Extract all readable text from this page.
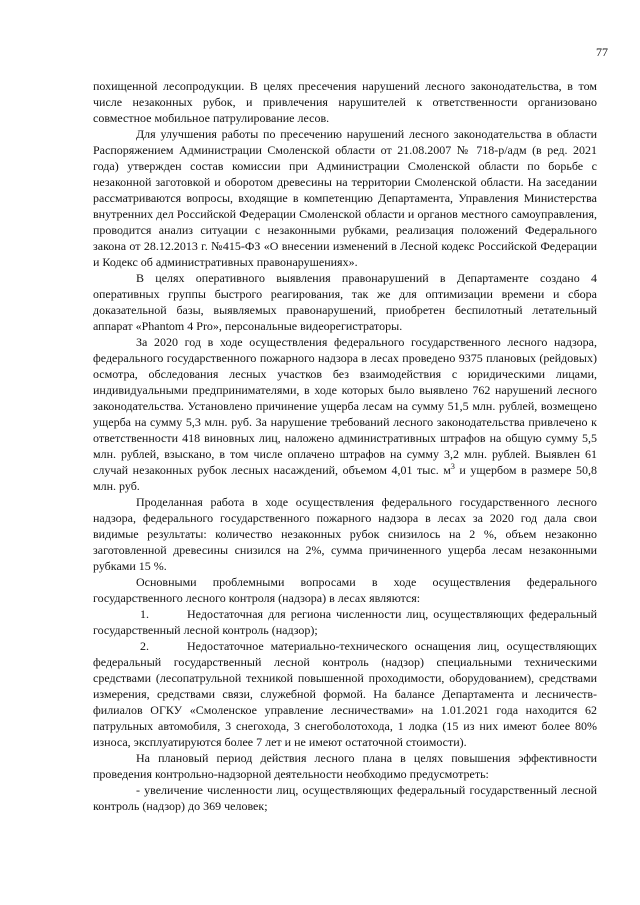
77

похищенной лесопродукции. В целях пресечения нарушений лесного законодательства, в том числе незаконных рубок, и привлечения нарушителей к ответственности организовано совместное мобильное патрулирование лесов.

Для улучшения работы по пресечению нарушений лесного законодательства в области Распоряжением Администрации Смоленской области от 21.08.2007 № 718-р/адм (в ред. 2021 года) утвержден состав комиссии при Администрации Смоленской области по борьбе с незаконной заготовкой и оборотом древесины на территории Смоленской области. На заседании рассматриваются вопросы, входящие в компетенцию Департамента, Управления Министерства внутренних дел Российской Федерации Смоленской области и органов местного самоуправления, проводится анализ ситуации с незаконными рубками, реализация положений Федерального закона от 28.12.2013 г. №415-ФЗ «О внесении изменений в Лесной кодекс Российской Федерации и Кодекс об административных правонарушениях».

В целях оперативного выявления правонарушений в Департаменте создано 4 оперативных группы быстрого реагирования, так же для оптимизации времени и сбора доказательной базы, выявляемых правонарушений, приобретен беспилотный летательный аппарат «Phantom 4 Pro», персональные видеорегистраторы.

За 2020 год в ходе осуществления федерального государственного лесного надзора, федерального государственного пожарного надзора в лесах проведено 9375 плановых (рейдовых) осмотра, обследования лесных участков без взаимодействия с юридическими лицами, индивидуальными предпринимателями, в ходе которых было выявлено 762 нарушений лесного законодательства. Установлено причинение ущерба лесам на сумму 51,5 млн. рублей, возмещено ущерба на сумму 5,3 млн. руб. За нарушение требований лесного законодательства привлечено к ответственности 418 виновных лиц, наложено административных штрафов на общую сумму 5,5 млн. рублей, взыскано, в том числе оплачено штрафов на сумму 3,2 млн. рублей. Выявлен 61 случай незаконных рубок лесных насаждений, объемом 4,01 тыс. $м^3$ и ущербом в размере 50,8 млн. руб.

Проделанная работа в ходе осуществления федерального государственного лесного надзора, федерального государственного пожарного надзора в лесах за 2020 год дала свои видимые результаты: количество незаконных рубок снизилось на 2 %, объем незаконно заготовленной древесины снизился на 2%, сумма причиненного ущерба лесам незаконными рубками 15 %.

Основными проблемными вопросами в ходе осуществления федерального государственного лесного контроля (надзора) в лесах являются:

1.	Недостаточная для региона численности лиц, осуществляющих федеральный государственный лесной контроль (надзор);

2.	Недостаточное материально-технического оснащения лиц, осуществляющих федеральный государственный лесной контроль (надзор) специальными техническими средствами (лесопатрульной техникой повышенной проходимости, оборудованием), средствами измерения, средствами связи, служебной формой. На балансе Департамента и лесничеств-филиалов ОГКУ «Смоленское управление лесничествами» на 1.01.2021 года находится 62 патрульных автомобиля, 3 снегохода, 3 снегоболотохода, 1 лодка (15 из них имеют более 80% износа, эксплуатируются более 7 лет и не имеют остаточной стоимости).

На плановый период действия лесного плана в целях повышения эффективности проведения контрольно-надзорной деятельности необходимо предусмотреть:

- увеличение численности лиц, осуществляющих федеральный государственный лесной контроль (надзор) до 369 человек;
